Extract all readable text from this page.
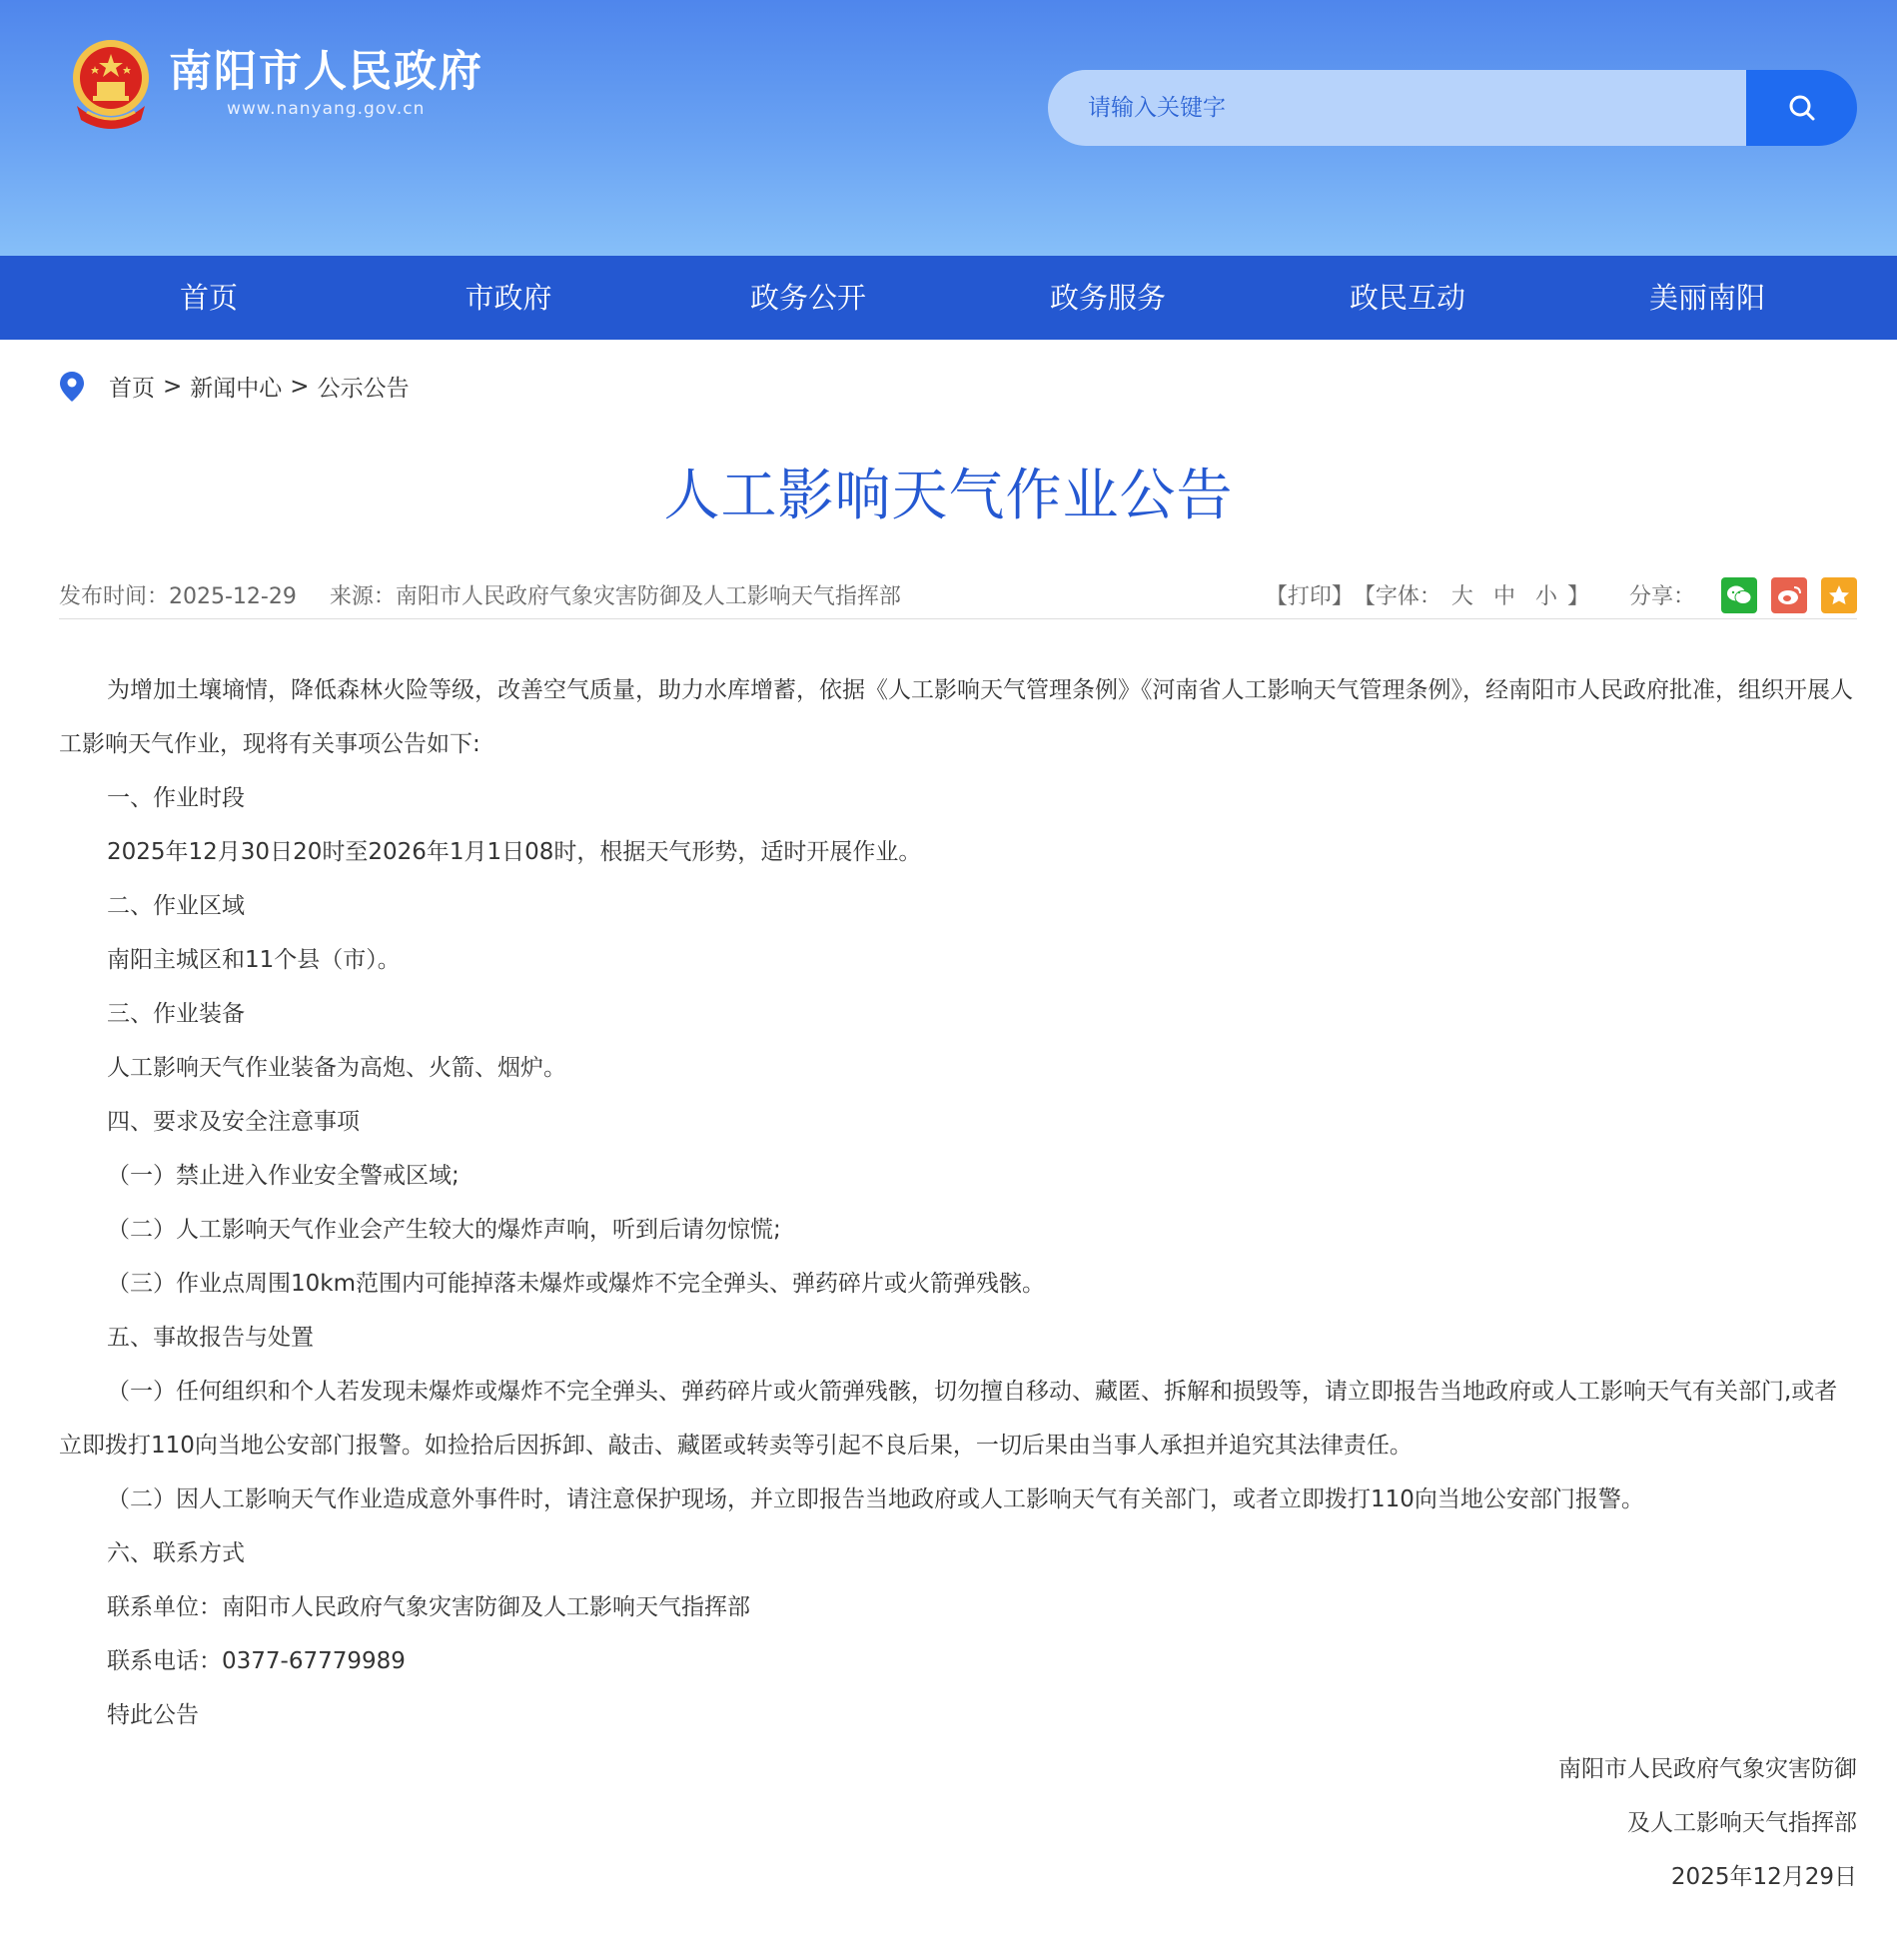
南阳市人民政府
www.nanyang.gov.cn
请输入关键字
首页	市政府	政务公开	政务服务	政民互动	美丽南阳
首页 > 新闻中心 > 公示公告
人工影响天气作业公告
发布时间：2025-12-29 来源：南阳市人民政府气象灾害防御及人工影响天气指挥部	【打印】 【字体： 大 中 小 】 分享：

为增加土壤墒情，降低森林火险等级，改善空气质量，助力水库增蓄，依据《人工影响天气管理条例》《河南省人工影响天气管理条例》，经南阳市人民政府批准，组织开展人工影响天气作业，现将有关事项公告如下:

一、作业时段

2025年12月30日20时至2026年1月1日08时，根据天气形势，适时开展作业。

二、作业区域

南阳主城区和11个县（市）。

三、作业装备

人工影响天气作业装备为高炮、火箭、烟炉。

四、要求及安全注意事项

（一）禁止进入作业安全警戒区域;

（二）人工影响天气作业会产生较大的爆炸声响，听到后请勿惊慌;

（三）作业点周围10km范围内可能掉落未爆炸或爆炸不完全弹头、弹药碎片或火箭弹残骸。

五、事故报告与处置

（一）任何组织和个人若发现未爆炸或爆炸不完全弹头、弹药碎片或火箭弹残骸，切勿擅自移动、藏匿、拆解和损毁等，请立即报告当地政府或人工影响天气有关部门,或者立即拨打110向当地公安部门报警。如捡拾后因拆卸、敲击、藏匿或转卖等引起不良后果，一切后果由当事人承担并追究其法律责任。

（二）因人工影响天气作业造成意外事件时，请注意保护现场，并立即报告当地政府或人工影响天气有关部门，或者立即拨打110向当地公安部门报警。

六、联系方式

联系单位：南阳市人民政府气象灾害防御及人工影响天气指挥部

联系电话：0377-67779989

特此公告

南阳市人民政府气象灾害防御

及人工影响天气指挥部

2025年12月29日
